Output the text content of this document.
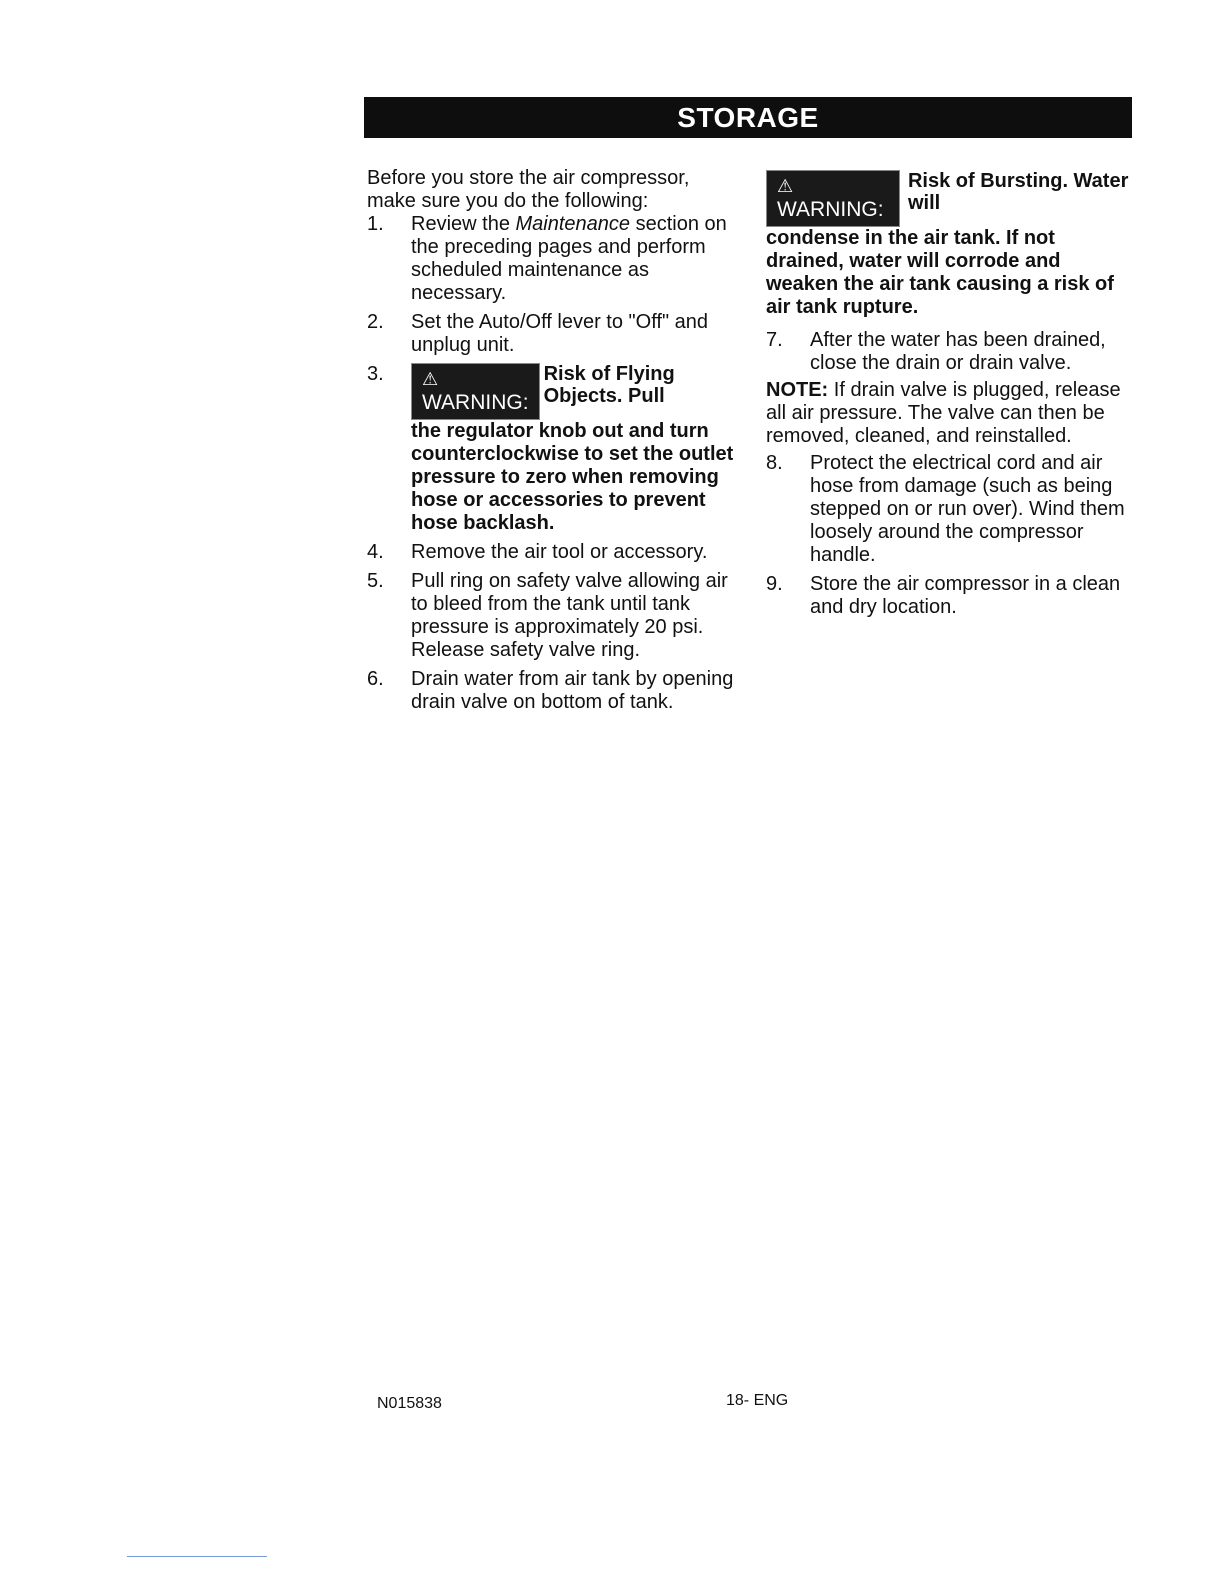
STORAGE

Before you store the air compressor, make sure you do the following:

1. Review the Maintenance section on the preceding pages and perform scheduled maintenance as necessary.
2. Set the Auto/Off lever to "Off" and unplug unit.
3.	⚠WARNING:
Risk of Flying Objects. Pull
the regulator knob out and turn counterclockwise to set the outlet pressure to zero when removing hose or accessories to prevent hose backlash.
4. Remove the air tool or accessory.
5. Pull ring on safety valve allowing air to bleed from the tank until tank pressure is approximately 20 psi. Release safety valve ring.
6. Drain water from air tank by opening drain valve on bottom of tank.
⚠WARNING:
Risk of Bursting. Water will
condense in the air tank. If not drained, water will corrode and weaken the air tank causing a risk of air tank rupture.
7. After the water has been drained, close the drain or drain valve.
NOTE: If drain valve is plugged, release all air pressure. The valve can then be removed, cleaned, and reinstalled.
8. Protect the electrical cord and air hose from damage (such as being stepped on or run over). Wind them loosely around the compressor handle.
9. Store the air compressor in a clean and dry location.
N015838	18- ENG
